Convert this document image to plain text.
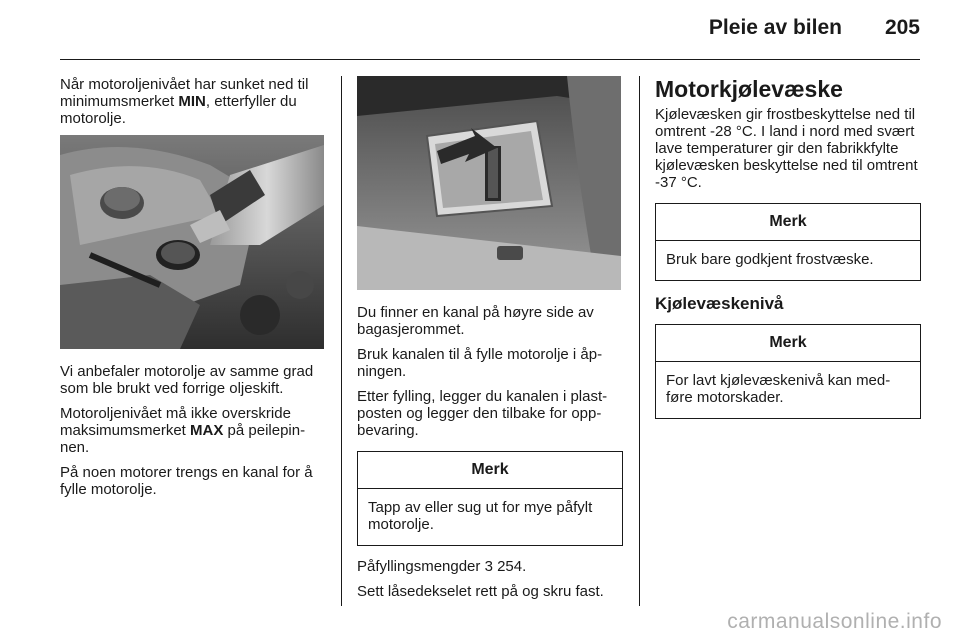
Pleie av bilen 205

Når motoroljenivået har sunket ned til minimumsmerket MIN, etterfyller du motorolje.

Vi anbefaler motorolje av samme grad som ble brukt ved forrige oljeskift.

Motoroljenivået må ikke overskride maksimumsmerket MAX på peilepinnen.

På noen motorer trengs en kanal for å fylle motorolje.

Du finner en kanal på høyre side av bagasjerommet.

Bruk kanalen til å fylle motorolje i åpningen.

Etter fylling, legger du kanalen i plastposten og legger den tilbake for oppbevaring.

Merk
Tapp av eller sug ut for mye påfylt motorolje.

Påfyllingsmengder 3 254.

Sett låsedekselet rett på og skru fast.

Motorkjølevæske

Kjølevæsken gir frostbeskyttelse ned til omtrent -28 °C. I land i nord med svært lave temperaturer gir den fabrikkfylte kjølevæsken beskyttelse ned til omtrent -37 °C.

Merk
Bruk bare godkjent frostvæske.
Kjølevæskenivå
Merk
For lavt kjølevæskenivå kan medføre motorskader.
carmanualsonline.info
